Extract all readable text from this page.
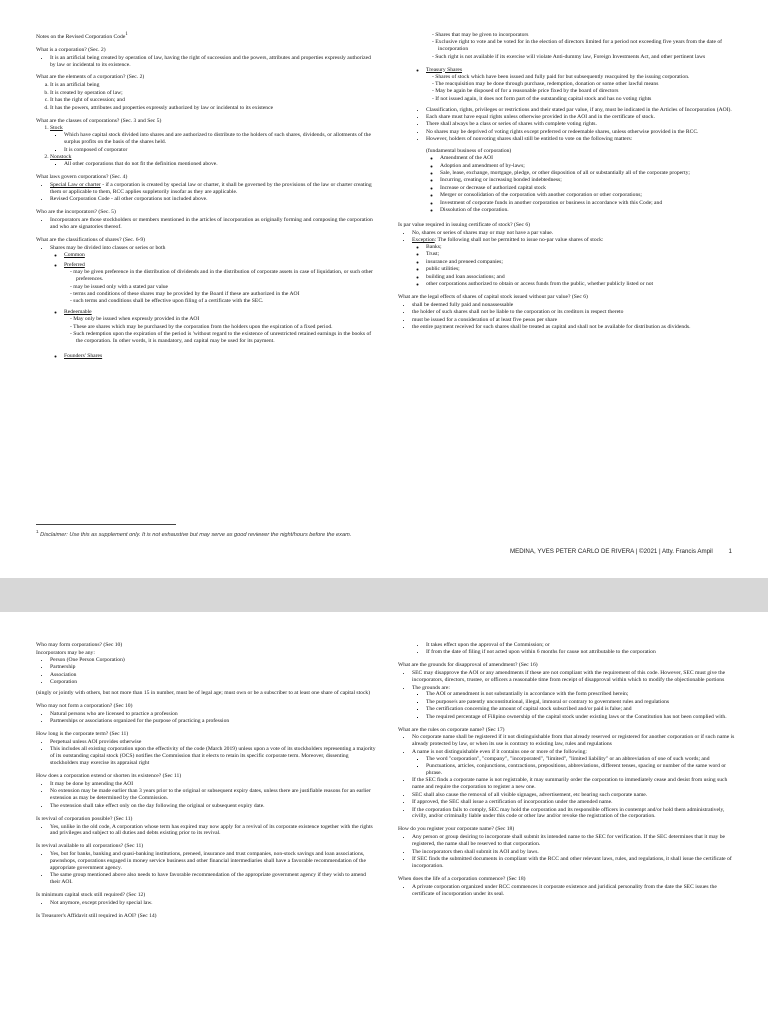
Notes on the Revised Corporation Code$^1$
What is a corporation? (Sec. 2)
• It is an artificial being created by operation of law, having the right of succession and the powers, attributes and properties expressly authorized by law or incidental to its existence.
What are the elements of a corporation? (Sec. 2)
a. It is an artificial being
b. It is created by operation of law;
c. It has the right of succession; and
d. It has the powers, attributes and properties expressly authorized by law or incidental to its existence
What are the classes of corporations? (Sec. 3 and Sec 5)
1. Stock
▪ Which have capital stock divided into shares and are authorized to distribute to the holders of such shares, dividends, or allotments of the surplus profits on the basis of the shares held.
▪ It is composed of corporator
2. Nonstock
▪ All other corporations that do not fit the definition mentioned above.
What laws govern corporations? (Sec. 4)
• Special Law or charter - if a corporation is created by special law or charter, it shall be governed by the provisions of the law or charter creating them or applicable to them, RCC applies suppletorily insofar as they are applicable.
• Revised Corporation Code - all other corporations not included above.
Who are the incorporators? (Sec. 5)
• Incorporators are those stockholders or members mentioned in the articles of incorporation as originally forming and composing the corporation and who are signatories thereof.
What are the classifications of shares? (Sec. 6-9)
• Shares may be divided into classes or series or both
◦ Common
◦ Preferred
- may be given preference in the distribution of dividends and in the distribution of corporate assets in case of liquidation, or such other preferences.
- may be issued only with a stated par value
- terms and conditions of these shares may be provided by the Board if these are authorized in the AOI
- such terms and conditions shall be effective upon filing of a certificate with the SEC.
◦ Redeemable
- May only be issued when expressly provided in the AOI
- These are shares which may be purchased by the corporation from the holders upon the expiration of a fixed period.
- Such redemption upon the expiration of the period is 'without regard to the existence of unrestricted retained earnings in the books of the corporation. In other words, it is mandatory, and capital may be used for its payment.
◦ Founders' Shares
- Shares that may be given to incorporators
- Exclusive right to vote and be voted for in the election of directors limited for a period not exceeding five years from the date of incorporation
- Such right is not available if its exercise will violate Anti-dummy law, Foreign Investments Act, and other pertinent laws
◦ Treasury Shares
- Shares of stock which have been issued and fully paid for but subsequently reacquired by the issuing corporation.
- The reacquisition may be done through purchase, redemption, donation or some other lawful means
- May be again be disposed of for a reasonable price fixed by the board of directors
- If not issued again, it does not form part of the outstanding capital stock and has no voting rights
• Classification, rights, privileges or restrictions and their stated par value, if any, must be indicated in the Articles of Incorporation (AOI).
• Each share must have equal rights unless otherwise provided in the AOI and in the certificate of stock.
• There shall always be a class or series of shares with complete voting rights.
• No shares may be deprived of voting rights except preferred or redeemable shares, unless otherwise provided in the RCC.
• However, holders of nonvoting shares shall still be entitled to vote on the following matters:
(fundamental business of corporation)
◦ Amendment of the AOI
◦ Adoption and amendment of by-laws;
◦ Sale, lease, exchange, mortgage, pledge, or other disposition of all or substantially all of the corporate property;
◦ Incurring, creating or increasing bonded indebtedness;
◦ Increase or decrease of authorized capital stock
◦ Merger or consolidation of the corporation with another corporation or other corporations;
◦ Investment of corporate funds in another corporation or business in accordance with this Code; and
◦ Dissolution of the corporation.
Is par value required in issuing certificate of stock? (Sec 6)
• No, shares or series of shares may or may not have a par value.
• Exception: The following shall not be permitted to issue no-par value shares of stock:
◦ Banks;
◦ Trust;
◦ insurance and preneed companies;
◦ public utilities;
◦ building and loan associations; and
◦ other corporations authorized to obtain or access funds from the public, whether publicly listed or not
What are the legal effects of shares of capital stock issued without par value? (Sec 6)
• shall be deemed fully paid and nonassessable
• the holder of such shares shall not be liable to the corporation or its creditors in respect thereto
• must be issued for a consideration of at least five pesos per share
• the entire payment received for such shares shall be treated as capital and shall not be available for distribution as dividends.
$^1$ Disclaimer: Use this as supplement only. It is not exhaustive but may serve as good reviewer the night/hours before the exam.
MEDINA, YVES PETER CARLO DE RIVERA | ©2021 | Atty. Francis Ampil	1
Who may form corporations? (Sec 10)
Incorporators may be any:
• Person (One Person Corporation)
• Partnership
• Association
• Corporation
(singly or jointly with others, but not more than 15 in number, must be of legal age; must own or be a subscriber to at least one share of capital stock)
Who may not form a corporation? (Sec 10)
• Natural persons who are licensed to practice a profession
• Partnerships or associations organized for the purpose of practicing a profession
How long is the corporate term? (Sec 11)
• Perpetual unless AOI provides otherwise
• This includes all existing corporation upon the effectivity of the code (March 2019) unless upon a vote of its stockholders representing a majority of its outstanding capital stock (OCS) notifies the Commission that it elects to retain its specific corporate term. Moreover, dissenting stockholders may exercise its appraisal right
How does a corporation extend or shorten its existence? (Sec 11)
• It may be done by amending the AOI
• No extension may be made earlier than 3 years prior to the original or subsequent expiry dates, unless there are justifiable reasons for an earlier extension as may be determined by the Commission.
• The extension shall take effect only on the day following the original or subsequent expiry date.
Is revival of corporation possible? (Sec 11)
• Yes, unlike in the old code, A corporation whose term has expired may now apply for a revival of its corporate existence together with the rights and privileges and subject to all duties and debts existing prior to its revival.
Is revival available to all corporations? (Sec 11)
• Yes, but for banks, banking and quasi-banking institutions, preneed, insurance and trust companies, non-stock savings and loan associations, pawnshops, corporations engaged in money service business and other financial intermediaries shall have a favorable recommendation of the appropriate government agency.
• The same group mentioned above also needs to have favorable recommendation of the appropriate government agency if they wish to amend their AOI.
Is minimum capital stock still required? (Sec 12)
• Not anymore, except provided by special law.
Is Treasurer's Affidavit still required in AOI? (Sec 14)
• It takes effect upon the approval of the Commission; or
• If from the date of filing if not acted upon within 6 months for cause not attributable to the corporation
What are the grounds for disapproval of amendment? (Sec 16)
• SEC may disapprove the AOI or any amendments if these are not compliant with the requirement of this code. However, SEC must give the incorporators, directors, trustee, or officers a reasonable time from receipt of disapproval within which to modify the objectionable portions
• The grounds are:
▪ The AOI or amendment is not substantially in accordance with the form prescribed herein;
▪ The purpose/s are patently unconstitutional, illegal, immoral or contrary to government rules and regulations
▪ The certification concerning the amount of capital stock subscribed and/or paid is false; and
▪ The required percentage of Filipino ownership of the capital stock under existing laws or the Constitution has not been complied with.
What are the rules on corporate name? (Sec 17)
• No corporate name shall be registered if it not distinguishable from that already reserved or registered for another corporation or if such name is already protected by law, or when its use is contrary to existing law, rules and regulations
• A name is not distinguishable even if it contains one or more of the following:
▪ The word "corporation", "company", "incorporated", "limited", "limited liability" or an abbreviation of one of such words; and
▪ Punctuations, articles, conjunctions, contractions, prepositions, abbreviations, different tenses, spacing or number of the same word or phrase.
• If the SEC finds a corporate name is not registrable, it may summarily order the corporation to immediately cease and desist from using such name and require the corporation to register a new one.
• SEC shall also cause the removal of all visible signages, advertisement, etc bearing such corporate name.
• If approved, the SEC shall issue a certification of incorporation under the amended name.
• If the corporation fails to comply, SEC may hold the corporation and its responsible officers in contempt and/or hold them administratively, civilly, and/or criminally liable under this code or other law and/or revoke the registration of the corporation.
How do you register your corporate name? (Sec 18)
• Any person or group desiring to incorporate shall submit its intended name to the SEC for verification. If the SEC determines that it may be registered, the name shall be reserved to that corporation.
• The incorporators then shall submit its AOI and by laws.
• If SEC finds the submitted documents in compliant with the RCC and other relevant laws, rules, and regulations, it shall issue the certificate of incorporation.
When does the life of a corporation commence? (Sec 18)
• A private corporation organized under RCC commences it corporate existence and juridical personality from the date the SEC issues the certificate of incorporation under its seal.
